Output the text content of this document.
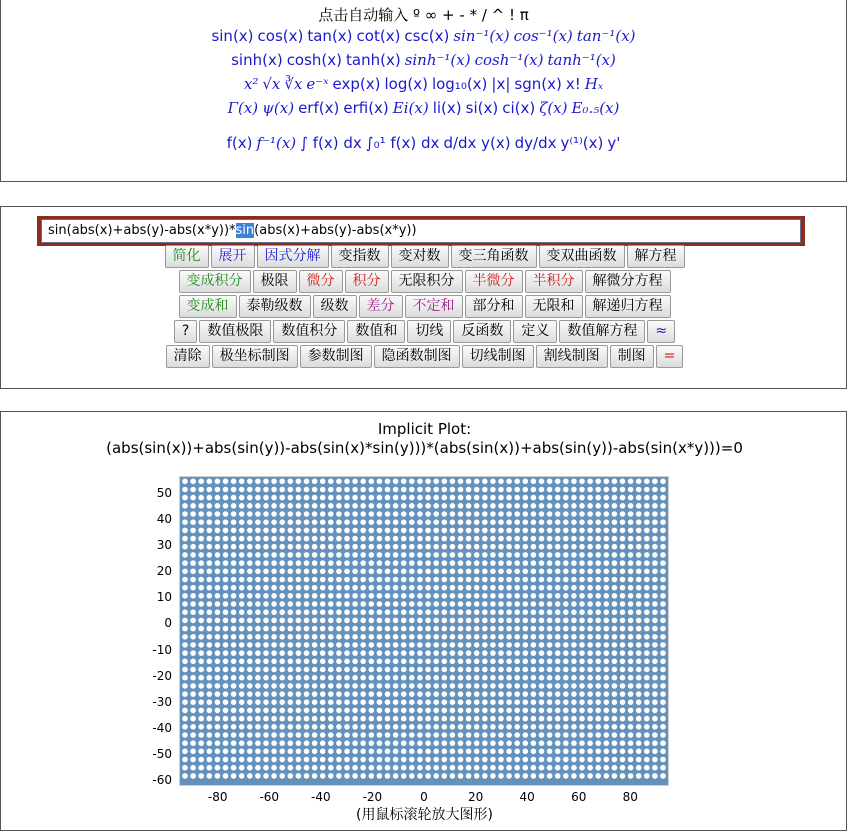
点击自动输入 º ∞ + - * / ^ ! π
sin(x) cos(x) tan(x) cot(x) csc(x) sin⁻¹(x) cos⁻¹(x) tan⁻¹(x)
sinh(x) cosh(x) tanh(x) sinh⁻¹(x) cosh⁻¹(x) tanh⁻¹(x)
x² √x ∛x e⁻ˣ exp(x) log(x) log₁₀(x) |x| sgn(x) x! Hₓ
Γ(x) ψ(x) erf(x) erfi(x) Ei(x) li(x) si(x) ci(x) ζ(x) E₀.₅(x)
f(x) f⁻¹(x) ∫ f(x) dx ∫₀¹ f(x) dx d/dx y(x) dy/dx y⁽¹⁾(x) y'
sin(abs(x)+abs(y)-abs(x*y))*sin(abs(x)+abs(y)-abs(x*y))
简化 展开 因式分解 变指数 变对数 变三角函数 变双曲函数 解方程
变成积分 极限 微分 积分 无限积分 半微分 半积分 解微分方程
变成和 泰勒级数 级数 差分 不定和 部分和 无限和 解递归方程
? 数值极限 数值积分 数值和 切线 反函数 定义 数值解方程 ≈
清除 极坐标制图 参数制图 隐函数制图 切线制图 割线制图 制图 =
Implicit Plot:
(abs(sin(x))+abs(sin(y))-abs(sin(x)*sin(y)))*(abs(sin(x))+abs(sin(y))-abs(sin(x*y)))=0
50
40
30
20
10
0
-10
-20
-30
-40
-50
-60
-80	-60	-40	-20	0	20	40	60	80
(用鼠标滚轮放大图形)
